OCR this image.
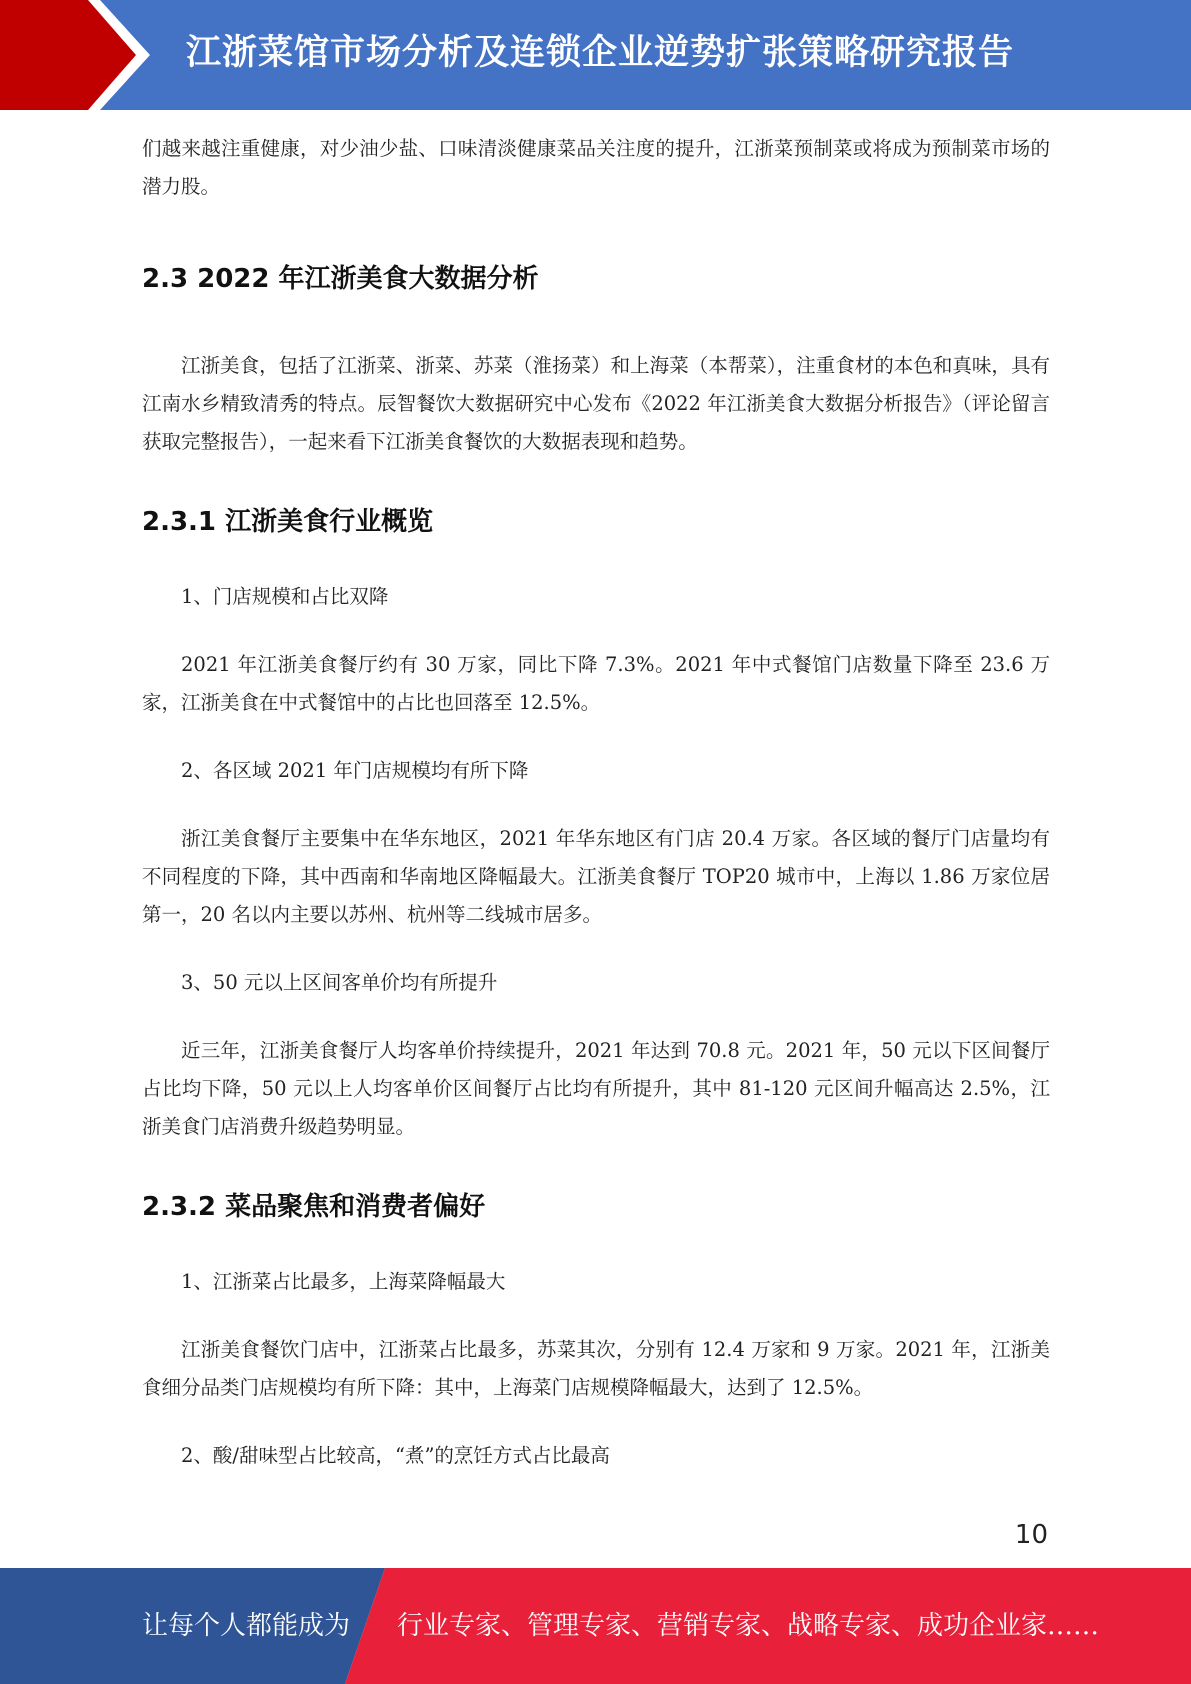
江浙菜馆市场分析及连锁企业逆势扩张策略研究报告

们越来越注重健康，对少油少盐、口味清淡健康菜品关注度的提升，江浙菜预制菜或将成为预制菜市场的潜力股。

2.3 2022 年江浙美食大数据分析

江浙美食，包括了江浙菜、浙菜、苏菜（淮扬菜）和上海菜（本帮菜），注重食材的本色和真味，具有江南水乡精致清秀的特点。辰智餐饮大数据研究中心发布《2022 年江浙美食大数据分析报告》（评论留言获取完整报告），一起来看下江浙美食餐饮的大数据表现和趋势。

2.3.1 江浙美食行业概览

1、门店规模和占比双降

2021 年江浙美食餐厅约有 30 万家，同比下降 7.3%。2021 年中式餐馆门店数量下降至 23.6 万家，江浙美食在中式餐馆中的占比也回落至 12.5%。

2、各区域 2021 年门店规模均有所下降

浙江美食餐厅主要集中在华东地区，2021 年华东地区有门店 20.4 万家。各区域的餐厅门店量均有不同程度的下降，其中西南和华南地区降幅最大。江浙美食餐厅 TOP20 城市中，上海以 1.86 万家位居第一，20 名以内主要以苏州、杭州等二线城市居多。

3、50 元以上区间客单价均有所提升

近三年，江浙美食餐厅人均客单价持续提升，2021 年达到 70.8 元。2021 年，50 元以下区间餐厅占比均下降，50 元以上人均客单价区间餐厅占比均有所提升，其中 81-120 元区间升幅高达 2.5%，江浙美食门店消费升级趋势明显。

2.3.2 菜品聚焦和消费者偏好

1、江浙菜占比最多，上海菜降幅最大

江浙美食餐饮门店中，江浙菜占比最多，苏菜其次，分别有 12.4 万家和 9 万家。2021 年，江浙美食细分品类门店规模均有所下降：其中，上海菜门店规模降幅最大，达到了 12.5%。

2、酸/甜味型占比较高，“煮”的烹饪方式占比最高

10
让每个人都能成为 行业专家、管理专家、营销专家、战略专家、成功企业家……
